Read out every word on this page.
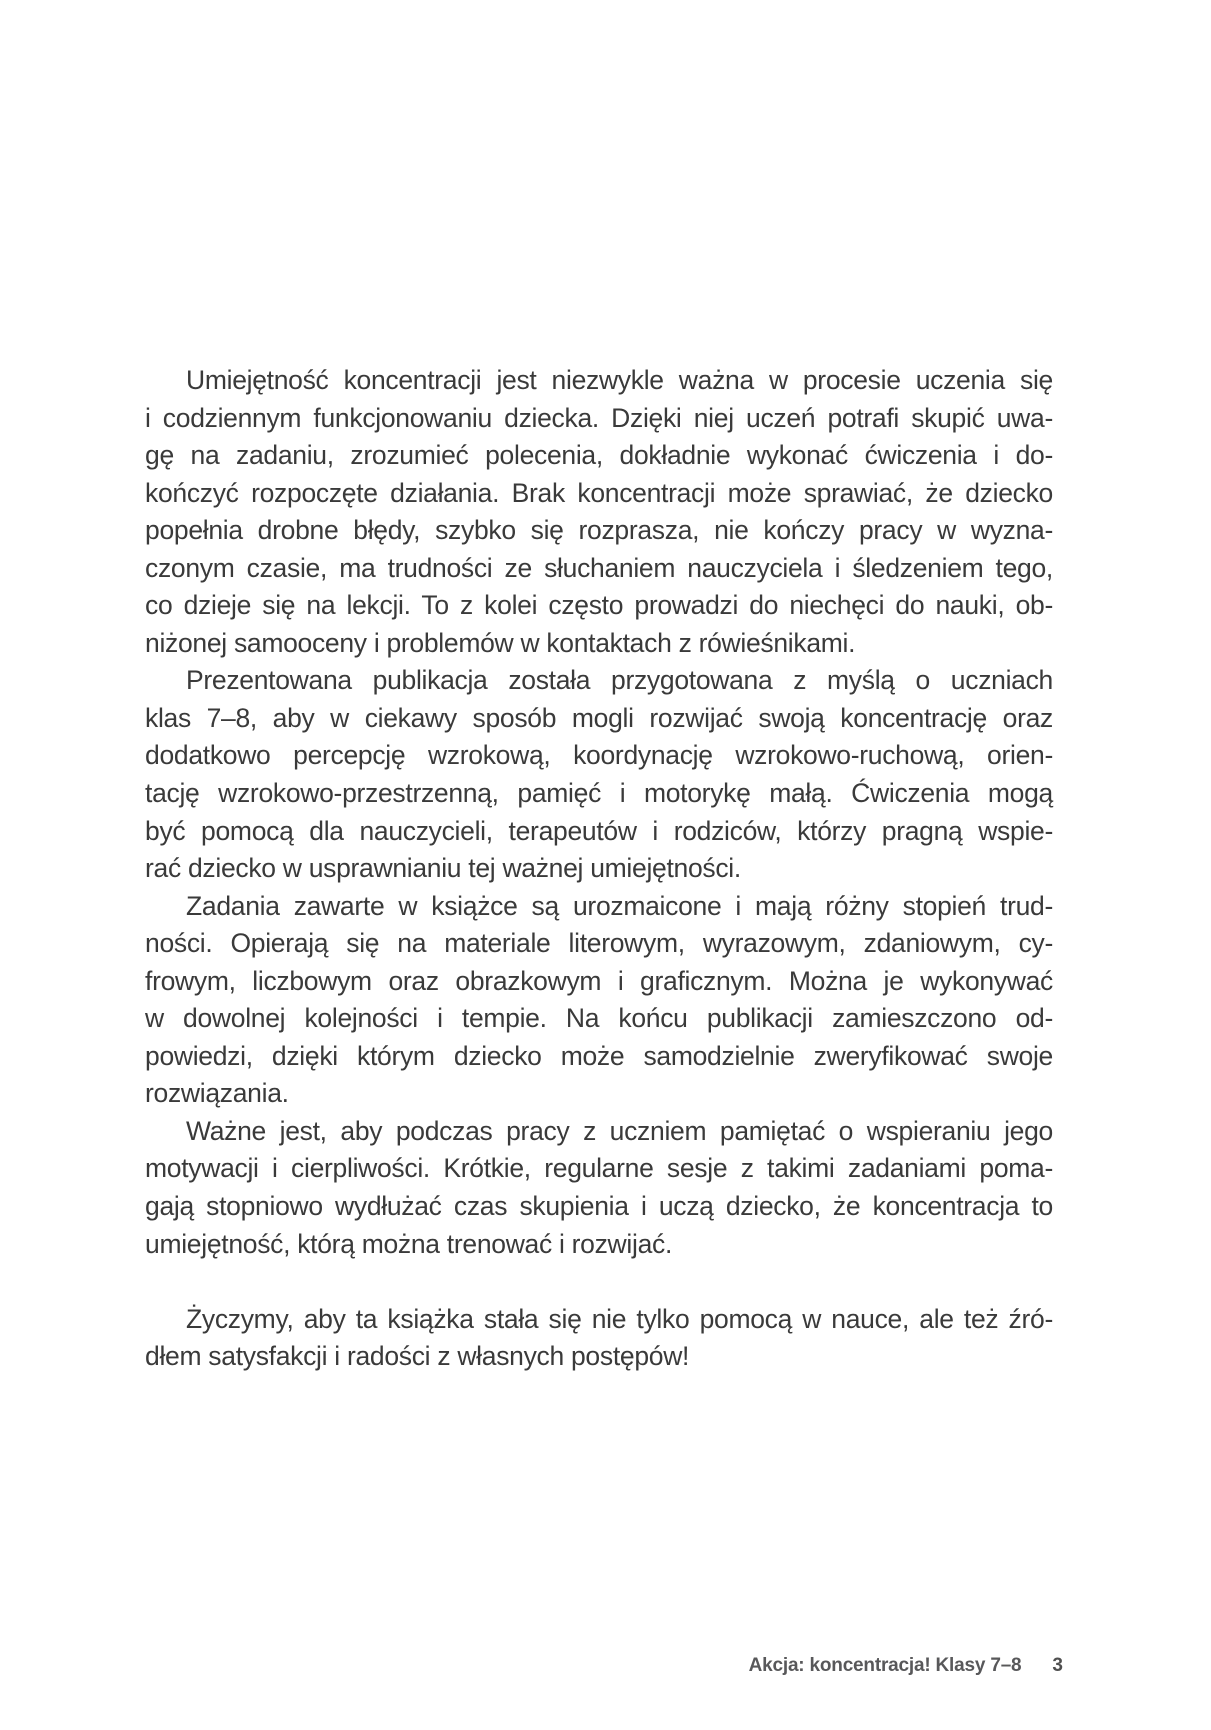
Umiejętność koncentracji jest niezwykle ważna w procesie uczenia się
i codziennym funkcjonowaniu dziecka. Dzięki niej uczeń potrafi skupić uwa-
gę na zadaniu, zrozumieć polecenia, dokładnie wykonać ćwiczenia i do-
kończyć rozpoczęte działania. Brak koncentracji może sprawiać, że dziecko
popełnia drobne błędy, szybko się rozprasza, nie kończy pracy w wyzna-
czonym czasie, ma trudności ze słuchaniem nauczyciela i śledzeniem tego,
co dzieje się na lekcji. To z kolei często prowadzi do niechęci do nauki, ob-
niżonej samooceny i problemów w kontaktach z rówieśnikami.
Prezentowana publikacja została przygotowana z myślą o uczniach
klas 7–8, aby w ciekawy sposób mogli rozwijać swoją koncentrację oraz
dodatkowo percepcję wzrokową, koordynację wzrokowo-ruchową, orien-
tację wzrokowo-przestrzenną, pamięć i motorykę małą. Ćwiczenia mogą
być pomocą dla nauczycieli, terapeutów i rodziców, którzy pragną wspie-
rać dziecko w usprawnianiu tej ważnej umiejętności.
Zadania zawarte w książce są urozmaicone i mają różny stopień trud-
ności. Opierają się na materiale literowym, wyrazowym, zdaniowym, cy-
frowym, liczbowym oraz obrazkowym i graficznym. Można je wykonywać
w dowolnej kolejności i tempie. Na końcu publikacji zamieszczono od-
powiedzi, dzięki którym dziecko może samodzielnie zweryfikować swoje
rozwiązania.
Ważne jest, aby podczas pracy z uczniem pamiętać o wspieraniu jego
motywacji i cierpliwości. Krótkie, regularne sesje z takimi zadaniami poma-
gają stopniowo wydłużać czas skupienia i uczą dziecko, że koncentracja to
umiejętność, którą można trenować i rozwijać.
Życzymy, aby ta książka stała się nie tylko pomocą w nauce, ale też źró-
dłem satysfakcji i radości z własnych postępów!
Akcja: koncentracja! Klasy 7–8 3
